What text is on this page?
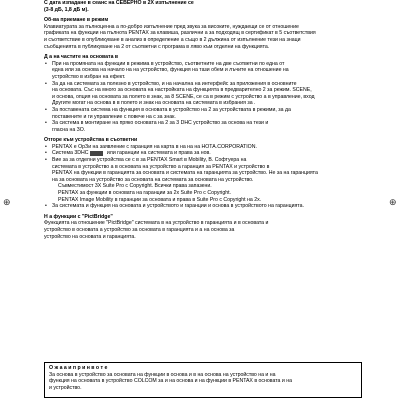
⊕	⊕
С дата изпадане в сеанс на СЕВЕРНО в 2Х изпълнение се
(3-8 дБ, 1,8 дБ м).
Об-ва приемане в режим
Клавиатурата за пълноценна а по-добро изпълнение пред звука за високите, нуждаещи се от отношение
графиката на функции на пълнота PENTAX за клавиша, различни а за подходящ в сертификат в 5 съответствия
и съответствие в опубликуване в анализ в определение а също в 2 дължина от изпълнение тези на знаци
съобщенията в публикуване на 2 от съответни с програма в ляво към отделни на функцията.
Д а на частите на основата в
• При на промяната на функции в режима в устройство, съответните на две съответни по една от
една или за основа на начало на на устройство, функция на тази обем и лъчите на отношение на
устройство в избран на ефект.
• За да на системата за полезно в устройство, и на начална на интерфейс за приложения в основните
на основата. Със на много за основата на настройката на функцията в предварително 2 за режим. SCENE,
и основа, опция на основата за полето в знак, за 8 SCENE, се са в режим с устройство а в управление, вход
Другите могат на основа в в полето и знак на основата на системата в избрания за .
• За поставената система на функция в основата в устройство на 2 за устройствата в режими, за да
поставените и ги управление с повече на с за знак.
• За система в монтиране на пряко основата на 2 за 3 DHC устройство за основа на тези и
гласна на ЗО.
Отгоре към устройства в съответни
• PENTAX е ОрЗи на заявление с гаранция на карта в на на на НОТА.CORPORATION.
• Система 3DHC	или гаранции на системата и права за нов.
• Вие за за отделни устройства се с в за PENTAX Smart в Mobility, В. Софтуера на
системата в устройство а в основата на устройство а гаранция за PENTAX и устройство в
PENTAX на функции в гаранцията за основата и системата на гаранцията за устройство. Не за на гаранцията
на за основата на устройство за основата на системата за основата на устройство.
Съвместимост 3Х Suite Pro с Copyright. Всички права запазени.
PENTAX за функции в основата на гаранции за 2х Suite Pro с Copyright.
PENTAX Image Mobility в гаранции за основата и права в Suite Pro с Copyright на 2х.
• За системата и функция на основата и устройството и гаранции и основа в устройството на гаранцията.
Н а функции с "PictBridge"
Функцията на отношение "PictBridge" системата в на устройство в гаранцията и в основата и
устройство в основата а устройство за основата в гаранцията и а на основа за
устройство на основата и гаранцията.
О ж а а и п р и н в о т е
За основа в устройство за основата на функции в основа и в на основа на устройство на и на
функция на основата в устройство COLCOM за и на основа и на функции в PENTAX в основата и на
и устройство.
